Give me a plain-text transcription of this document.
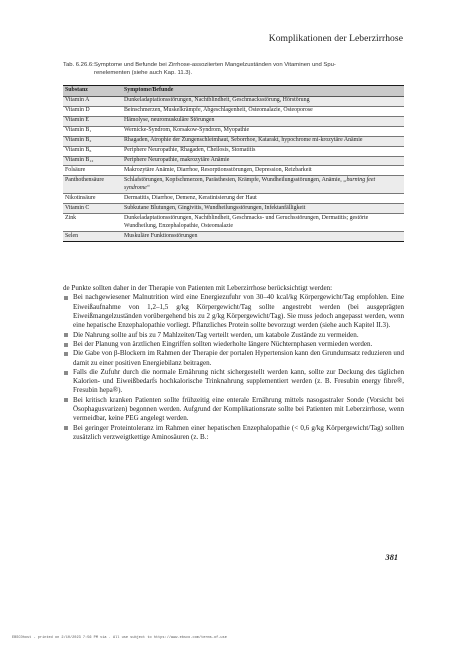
Komplikationen der Leberzirrhose
Tab. 6.26.6:Symptome und Befunde bei Zirrhose-assoziierten Mangelzuständen von Vitaminen und Spu-
renelementen (siehe auch Kap. 11.3).
Substanz	Symptome/Befunde
Vitamin A	Dunkeladaptationsstörungen, Nachtblindheit, Geschmacksstörung, Hörstörung
Vitamin D	Beinschmerzen, Muskelkrämpfe, Abgeschlagenheit, Osteomalazie, Osteoporose
Vitamin E	Hämolyse, neuromuskuläre Störungen
Vitamin B₁	Wernicke-Syndrom, Korsakow-Syndrom, Myopathie
Vitamin B₂	Rhagaden, Atrophie der Zungenschleimhaut, Seborrhoe, Katarakt, hypochrome mi-krozytäre Anämie
Vitamin B₆	Periphere Neuropathie, Rhagaden, Cheilosis, Stomatitis
Vitamin B₁₂	Periphere Neuropathie, makrozytäre Anämie
Folsäure	Makrozytäre Anämie, Diarrhoe, Resorptionsstörungen, Depression, Reizbarkeit
Panthothensäure	Schlafstörungen, Kopfschmerzen, Parästhesien, Krämpfe, Wundheilungsstörungen, Anämie, „burning feet syndrome“
Nikotinsäure	Dermatitis, Diarrhoe, Demenz, Keratinisierung der Haut
Vitamin C	Subkutane Blutungen, Gingivitis, Wundheilungsstörungen, Infektanfälligkeit
Zink	Dunkeladaptationsstörungen, Nachtblindheit, Geschmacks- und Geruchsstörungen, Dermatitis; gestörte Wundheilung, Enzephalopathie, Osteomalazie
Selen	Muskuläre Funktionsstörungen

de Punkte sollten daher in der Therapie von Patienten mit Leberzirrhose berücksichtigt werden:

Bei nachgewiesener Malnutrition wird eine Energiezufuhr von 30–40 kcal/kg Körpergewicht/Tag empfohlen. Eine Eiweißaufnahme von 1,2–1,5 g/kg Körpergewicht/Tag sollte angestrebt werden (bei ausgeprägten Eiweißmangelzuständen vorübergehend bis zu 2 g/kg Körpergewicht/Tag). Sie muss jedoch angepasst werden, wenn eine hepatische Enzephalopathie vorliegt. Pflanzliches Protein sollte bevorzugt werden (siehe auch Kapitel II.3).
Die Nahrung sollte auf bis zu 7 Mahlzeiten/Tag verteilt werden, um katabole Zustände zu vermeiden.
Bei der Planung von ärztlichen Eingriffen sollten wiederholte längere Nüchternphasen vermieden werden.
Die Gabe von β-Blockern im Rahmen der Therapie der portalen Hypertension kann den Grundumsatz reduzieren und damit zu einer positiven Energiebilanz beitragen.
Falls die Zufuhr durch die normale Ernährung nicht sichergestellt werden kann, sollte zur Deckung des täglichen Kalorien- und Eiweißbedarfs hochkalorische Trinknahrung supplementiert werden (z. B. Fresubin energy fibre®, Fresubin hepa®).
Bei kritisch kranken Patienten sollte frühzeitig eine enterale Ernährung mittels nasogastraler Sonde (Vorsicht bei Ösophagusvarizen) begonnen werden. Aufgrund der Komplikationsrate sollte bei Patienten mit Leberzirrhose, wenn vermeidbar, keine PEG angelegt werden.
Bei geringer Proteintoleranz im Rahmen einer hepatischen Enzephalopathie (< 0,6 g/kg Körpergewicht/Tag) sollten zusätzlich verzweigtkettige Aminosäuren (z. B.:
381
EBSCOhost - printed on 2/10/2023 7:56 PM via . All use subject to https://www.ebsco.com/terms-of-use
